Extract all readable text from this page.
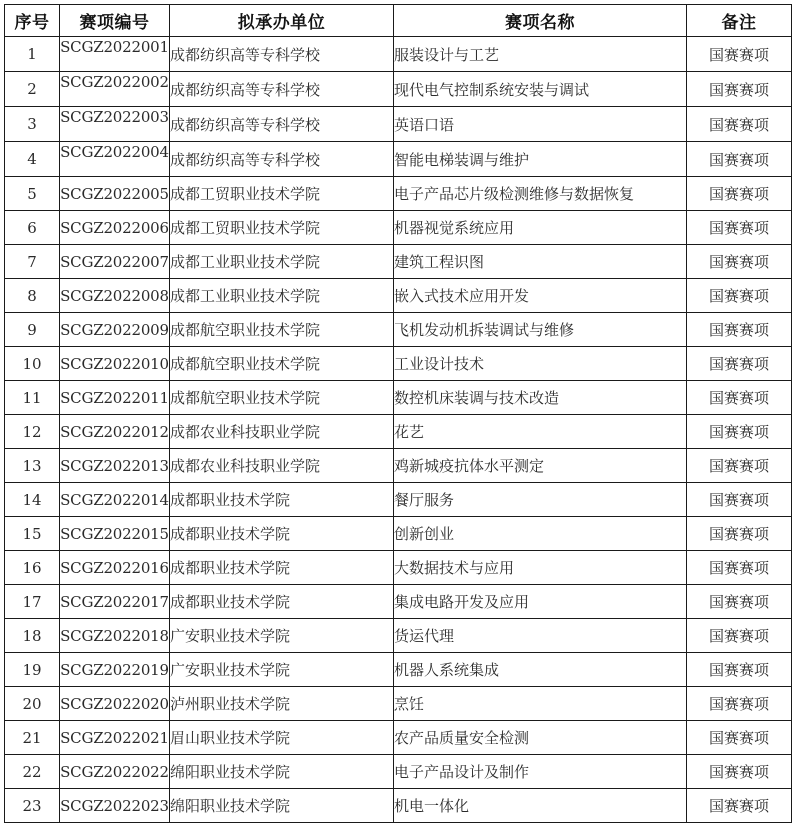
序号	赛项编号	拟承办单位	赛项名称	备注
1	SCGZ2022001	成都纺织高等专科学校	服装设计与工艺	国赛赛项
2	SCGZ2022002	成都纺织高等专科学校	现代电气控制系统安装与调试	国赛赛项
3	SCGZ2022003	成都纺织高等专科学校	英语口语	国赛赛项
4	SCGZ2022004	成都纺织高等专科学校	智能电梯装调与维护	国赛赛项
5	SCGZ2022005	成都工贸职业技术学院	电子产品芯片级检测维修与数据恢复	国赛赛项
6	SCGZ2022006	成都工贸职业技术学院	机器视觉系统应用	国赛赛项
7	SCGZ2022007	成都工业职业技术学院	建筑工程识图	国赛赛项
8	SCGZ2022008	成都工业职业技术学院	嵌入式技术应用开发	国赛赛项
9	SCGZ2022009	成都航空职业技术学院	飞机发动机拆装调试与维修	国赛赛项
10	SCGZ2022010	成都航空职业技术学院	工业设计技术	国赛赛项
11	SCGZ2022011	成都航空职业技术学院	数控机床装调与技术改造	国赛赛项
12	SCGZ2022012	成都农业科技职业学院	花艺	国赛赛项
13	SCGZ2022013	成都农业科技职业学院	鸡新城疫抗体水平测定	国赛赛项
14	SCGZ2022014	成都职业技术学院	餐厅服务	国赛赛项
15	SCGZ2022015	成都职业技术学院	创新创业	国赛赛项
16	SCGZ2022016	成都职业技术学院	大数据技术与应用	国赛赛项
17	SCGZ2022017	成都职业技术学院	集成电路开发及应用	国赛赛项
18	SCGZ2022018	广安职业技术学院	货运代理	国赛赛项
19	SCGZ2022019	广安职业技术学院	机器人系统集成	国赛赛项
20	SCGZ2022020	泸州职业技术学院	烹饪	国赛赛项
21	SCGZ2022021	眉山职业技术学院	农产品质量安全检测	国赛赛项
22	SCGZ2022022	绵阳职业技术学院	电子产品设计及制作	国赛赛项
23	SCGZ2022023	绵阳职业技术学院	机电一体化	国赛赛项
